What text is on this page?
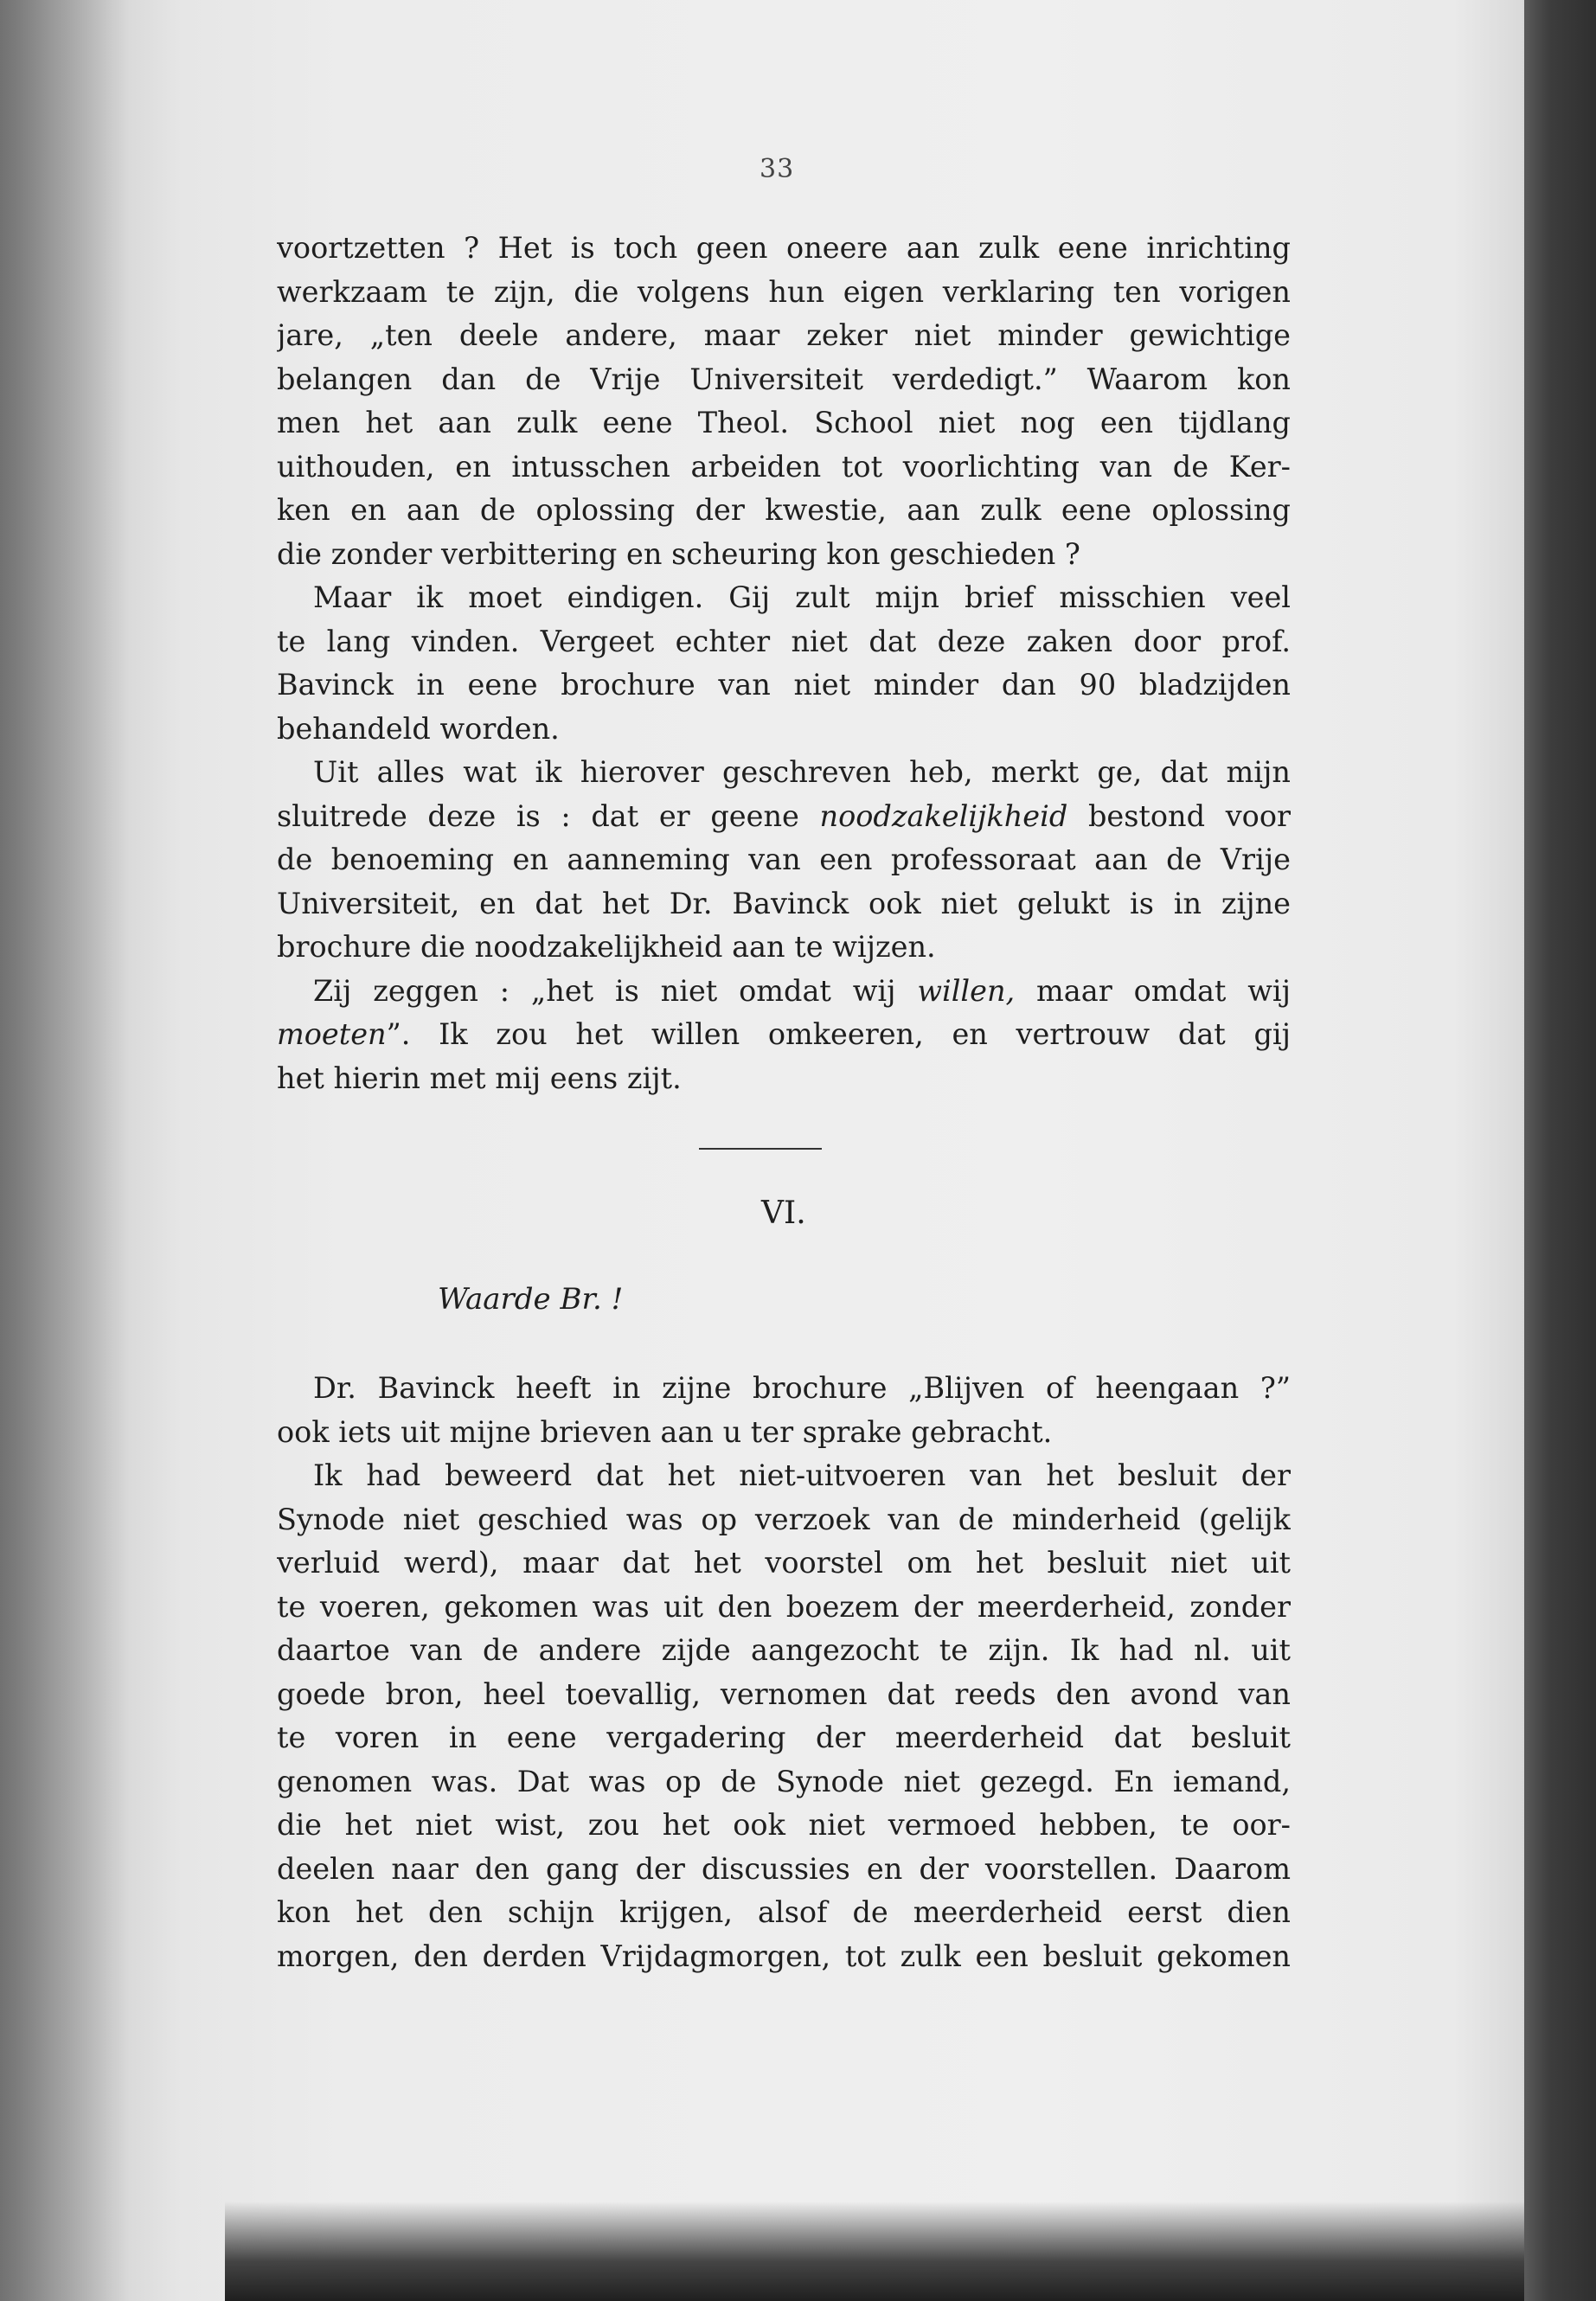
33
voortzetten ? Het is toch geen oneere aan zulk eene inrichting
werkzaam te zijn, die volgens hun eigen verklaring ten vorigen
jare, „ten deele andere, maar zeker niet minder gewichtige
belangen dan de Vrije Universiteit verdedigt.” Waarom kon
men het aan zulk eene Theol. School niet nog een tijdlang
uithouden, en intusschen arbeiden tot voorlichting van de Ker-
ken en aan de oplossing der kwestie, aan zulk eene oplossing
die zonder verbittering en scheuring kon geschieden ?
Maar ik moet eindigen. Gij zult mijn brief misschien veel
te lang vinden. Vergeet echter niet dat deze zaken door prof.
Bavinck in eene brochure van niet minder dan 90 bladzijden
behandeld worden.
Uit alles wat ik hierover geschreven heb, merkt ge, dat mijn
sluitrede deze is : dat er geene noodzakelijkheid bestond voor
de benoeming en aanneming van een professoraat aan de Vrije
Universiteit, en dat het Dr. Bavinck ook niet gelukt is in zijne
brochure die noodzakelijkheid aan te wijzen.
Zij zeggen : „het is niet omdat wij willen, maar omdat wij
moeten”. Ik zou het willen omkeeren, en vertrouw dat gij
het hierin met mij eens zijt.
VI.
Waarde Br. !
Dr. Bavinck heeft in zijne brochure „Blijven of heengaan ?”
ook iets uit mijne brieven aan u ter sprake gebracht.
Ik had beweerd dat het niet-uitvoeren van het besluit der
Synode niet geschied was op verzoek van de minderheid (gelijk
verluid werd), maar dat het voorstel om het besluit niet uit
te voeren, gekomen was uit den boezem der meerderheid, zonder
daartoe van de andere zijde aangezocht te zijn. Ik had nl. uit
goede bron, heel toevallig, vernomen dat reeds den avond van
te voren in eene vergadering der meerderheid dat besluit
genomen was. Dat was op de Synode niet gezegd. En iemand,
die het niet wist, zou het ook niet vermoed hebben, te oor-
deelen naar den gang der discussies en der voorstellen. Daarom
kon het den schijn krijgen, alsof de meerderheid eerst dien
morgen, den derden Vrijdagmorgen, tot zulk een besluit gekomen
